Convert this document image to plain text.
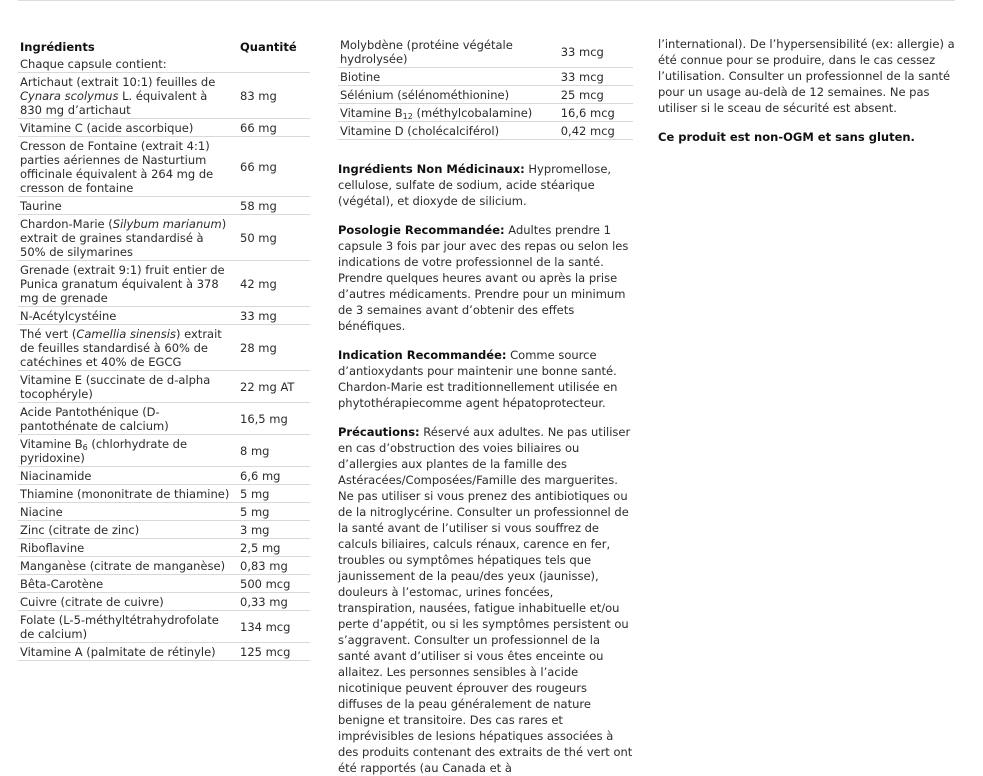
Ingrédients	Quantité
Chaque capsule contient:	

Artichaut (extrait 10:1) feuilles de Cynara scolymus L. équivalent à 830 mg d’artichaut	83 mg

Vitamine C (acide ascorbique)	66 mg

Cresson de Fontaine (extrait 4:1) parties aériennes de Nasturtium officinale équivalent à 264 mg de cresson de fontaine	66 mg

Taurine	58 mg

Chardon-Marie (Silybum marianum) extrait de graines standardisé à 50% de silymarines	50 mg

Grenade (extrait 9:1) fruit entier de Punica granatum équivalent à 378 mg de grenade	42 mg

N-Acétylcystéine	33 mg

Thé vert (Camellia sinensis) extrait de feuilles standardisé à 60% de catéchines et 40% de EGCG	28 mg

Vitamine E (succinate de d-alpha tocophéryle)	22 mg AT

Acide Pantothénique (D-pantothénate de calcium)	16,5 mg

Vitamine $B_6$ (chlorhydrate de pyridoxine)	8 mg

Niacinamide	6,6 mg

Thiamine (mononitrate de thiamine)	5 mg

Niacine	5 mg

Zinc (citrate de zinc)	3 mg

Riboflavine	2,5 mg

Manganèse (citrate de manganèse)	0,83 mg

Bêta-Carotène	500 mcg

Cuivre (citrate de cuivre)	0,33 mg

Folate (L-5-méthyltétrahydrofolate de calcium)	134 mcg

Vitamine A (palmitate de rétinyle)	125 mcg
Molybdène (protéine végétale hydrolysée)	33 mcg

Biotine	33 mcg

Sélénium (sélénométhionine)	25 mcg

Vitamine $B_{12}$ (méthylcobalamine)	16,6 mcg

Vitamine D (cholécalciférol)	0,42 mcg

Ingrédients Non Médicinaux: Hypromellose, cellulose, sulfate de sodium, acide stéarique (végétal), et dioxyde de silicium.

Posologie Recommandée: Adultes prendre 1 capsule 3 fois par jour avec des repas ou selon les indications de votre professionnel de la santé. Prendre quelques heures avant ou après la prise d’autres médicaments. Prendre pour un minimum de 3 semaines avant d’obtenir des effets bénéfiques.

Indication Recommandée: Comme source d’antioxydants pour maintenir une bonne santé. Chardon-Marie est traditionnellement utilisée en phytothérapiecomme agent hépatoprotecteur.

Précautions: Réservé aux adultes. Ne pas utiliser en cas d’obstruction des voies biliaires ou d’allergies aux plantes de la famille des Astéracées/Composées/Famille des marguerites. Ne pas utiliser si vous prenez des antibiotiques ou de la nitroglycérine. Consulter un professionnel de la santé avant de l’utiliser si vous souffrez de calculs biliaires, calculs rénaux, carence en fer, troubles ou symptômes hépatiques tels que jaunissement de la peau/des yeux (jaunisse), douleurs à l’estomac, urines foncées, transpiration, nausées, fatigue inhabituelle et/ou perte d’appétit, ou si les symptômes persistent ou s’aggravent. Consulter un professionnel de la santé avant d’utiliser si vous êtes enceinte ou allaitez. Les personnes sensibles à l’acide nicotinique peuvent éprouver des rougeurs diffuses de la peau généralement de nature benigne et transitoire. Des cas rares et imprévisibles de lesions hépatiques associées à des produits contenant des extraits de thé vert ont été rapportés (au Canada et à

l’international). De l’hypersensibilité (ex: allergie) a été connue pour se produire, dans le cas cessez l’utilisation. Consulter un professionnel de la santé pour un usage au-delà de 12 semaines. Ne pas utiliser si le sceau de sécurité est absent.

Ce produit est non-OGM et sans gluten.
